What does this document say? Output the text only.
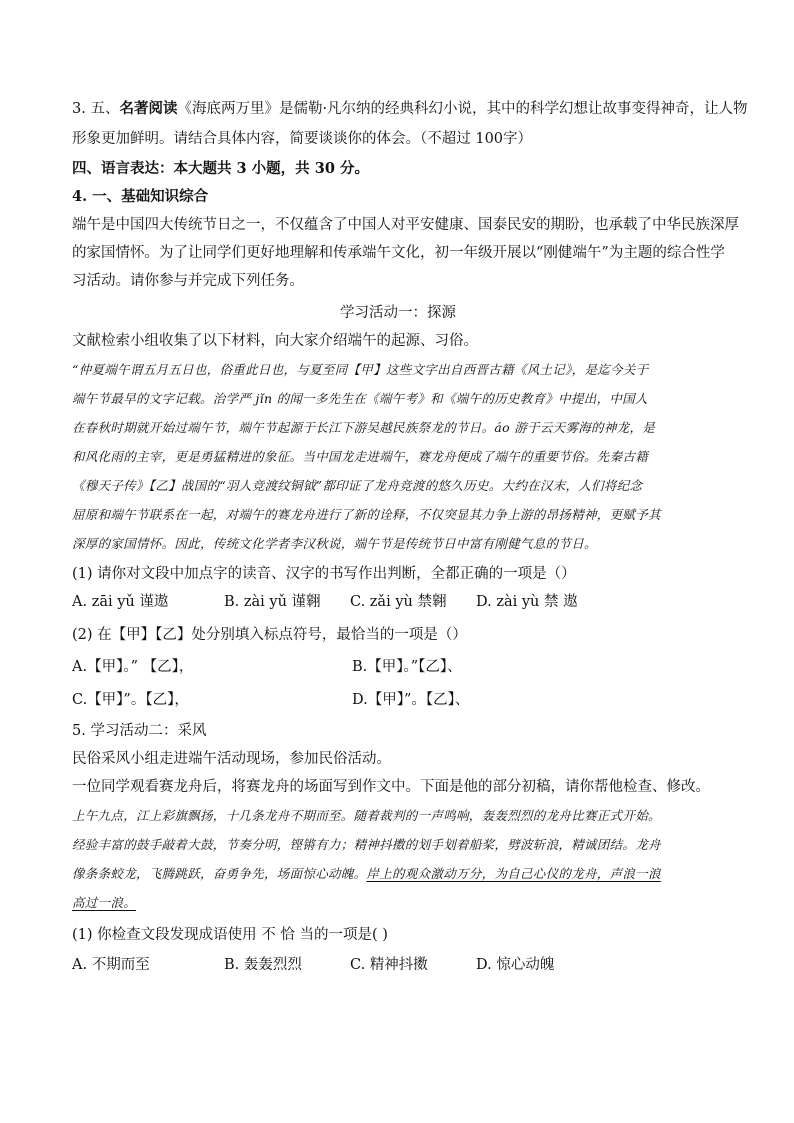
3. 五、名著阅读《海底两万里》是儒勒·凡尔纳的经典科幻小说，其中的科学幻想让故事变得神奇，让人物
形象更加鲜明。请结合具体内容，简要谈谈你的体会。（不超过 100字）
四、语言表达：本大题共 3 小题，共 30 分。
4. 一、基础知识综合
端午是中国四大传统节日之一，不仅蕴含了中国人对平安健康、国泰民安的期盼，也承载了中华民族深厚
的家国情怀。为了让同学们更好地理解和传承端午文化，初一年级开展以“刚健端午”为主题的综合性学
习活动。请你参与并完成下列任务。
学习活动一：探源
文献检索小组收集了以下材料，向大家介绍端午的起源、习俗。
“仲夏端午谓五月五日也，俗重此日也，与夏至同【甲】这些文字出自西晋古籍《风土记》，是迄今关于
端午节最早的文字记载。治学严 jǐn 的闻一多先生在《端午考》和《端午的历史教育》中提出，中国人
在春秋时期就开始过端午节，端午节起源于长江下游吴越民族祭龙的节日。áo 游于云天雾海的神龙，是
和风化雨的主宰，更是勇猛精进的象征。当中国龙走进端午，赛龙舟便成了端午的重要节俗。先秦古籍
《穆天子传》【乙】战国的“羽人竞渡纹铜钺”都印证了龙舟竞渡的悠久历史。大约在汉末，人们将纪念
屈原和端午节联系在一起，对端午的赛龙舟进行了新的诠释，不仅突显其力争上游的昂扬精神，更赋予其
深厚的家国情怀。因此，传统文化学者李汉秋说，端午节是传统节日中富有刚健气息的节日。
(1) 请你对文段中加点字的读音、汉字的书写作出判断，全都正确的一项是（）
A. zāi yǔ 谨遨	B. zài yǔ 谨翱	C. zǎi yù 禁翱	D. zài yù 禁 遨
(2) 在【甲】【乙】处分别填入标点符号，最恰当的一项是（）
A.【甲】。” 【乙】，	B.【甲】。”【乙】、
C.【甲】”。【乙】，	D.【甲】”。【乙】、
5. 学习活动二：采风
民俗采风小组走进端午活动现场，参加民俗活动。
一位同学观看赛龙舟后，将赛龙舟的场面写到作文中。下面是他的部分初稿，请你帮他检查、修改。
上午九点，江上彩旗飘扬，十几条龙舟不期而至。随着裁判的一声鸣响，轰轰烈烈的龙舟比赛正式开始。
经验丰富的鼓手敲着大鼓，节奏分明，铿锵有力；精神抖擞的划手划着船桨，劈波斩浪，精诚团结。龙舟
像条条蛟龙，飞腾跳跃，奋勇争先，场面惊心动魄。岸上的观众激动万分，为自己心仪的龙舟，声浪一浪
高过一浪。
(1) 你检查文段发现成语使用 不 恰 当的一项是( )
A. 不期而至	B. 轰轰烈烈	C. 精神抖擞	D. 惊心动魄
